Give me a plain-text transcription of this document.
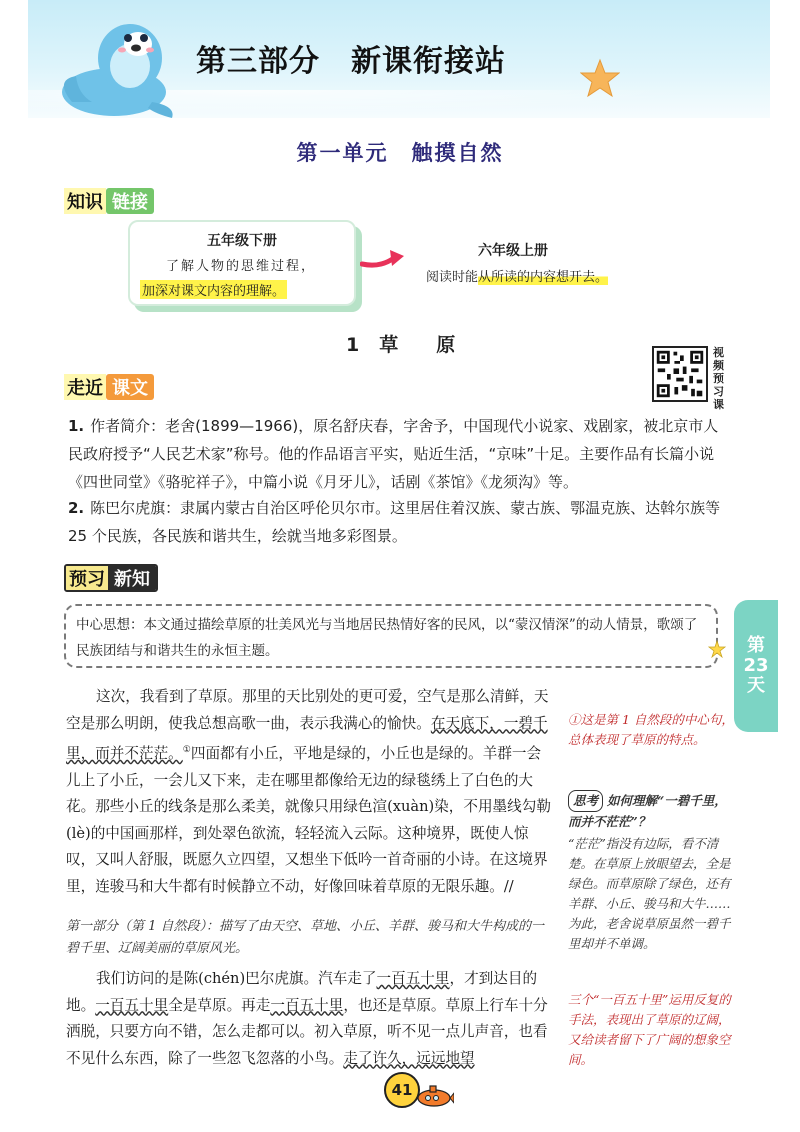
第三部分　新课衔接站
第一单元　触摸自然
知识 链接
五年级下册
了解人物的思维过程，
加深对课文内容的理解。
六年级上册
阅读时能从所读的内容想开去。
1 草 原	视频预习课
走近 课文
1. 作者简介：老舍(1899—1966)，原名舒庆春，字舍予，中国现代小说家、戏剧家，被北京市人民政府授予“人民艺术家”称号。他的作品语言平实，贴近生活，“京味”十足。主要作品有长篇小说《四世同堂》《骆驼祥子》，中篇小说《月牙儿》，话剧《茶馆》《龙须沟》等。
2. 陈巴尔虎旗：隶属内蒙古自治区呼伦贝尔市。这里居住着汉族、蒙古族、鄂温克族、达斡尔族等 25 个民族，各民族和谐共生，绘就当地多彩图景。
预习 新知
中心思想：本文通过描绘草原的壮美风光与当地居民热情好客的民风，以“蒙汉情深”的动人情景，歌颂了民族团结与和谐共生的永恒主题。	第
23
天
这次，我看到了草原。那里的天比别处的更可爱，空气是那么清鲜，天空是那么明朗，使我总想高歌一曲，表示我满心的愉快。在天底下，一碧千里，而并不茫茫。①四面都有小丘，平地是绿的，小丘也是绿的。羊群一会儿上了小丘，一会儿又下来，走在哪里都像给无边的绿毯绣上了白色的大花。那些小丘的线条是那么柔美，就像只用绿色渲(xuàn)染，不用墨线勾勒(lè)的中国画那样，到处翠色欲流，轻轻流入云际。这种境界，既使人惊叹，又叫人舒服，既愿久立四望，又想坐下低吟一首奇丽的小诗。在这境界里，连骏马和大牛都有时候静立不动，好像回味着草原的无限乐趣。//
第一部分（第 1 自然段）：描写了由天空、草地、小丘、羊群、骏马和大牛构成的一碧千里、辽阔美丽的草原风光。
我们访问的是陈(chén)巴尔虎旗。汽车走了一百五十里，才到达目的地。一百五十里全是草原。再走一百五十里，也还是草原。草原上行车十分洒脱，只要方向不错，怎么走都可以。初入草原，听不见一点儿声音，也看不见什么东西，除了一些忽飞忽落的小鸟。走了许久，远远地望
①这是第 1 自然段的中心句，总体表现了草原的特点。
思考 如何理解“一碧千里，而并不茫茫”？
“茫茫”指没有边际，看不清楚。在草原上放眼望去，全是绿色。而草原除了绿色，还有羊群、小丘、骏马和大牛……为此，老舍说草原虽然一碧千里却并不单调。
三个“一百五十里”运用反复的手法，表现出了草原的辽阔，又给读者留下了广阔的想象空间。
41
